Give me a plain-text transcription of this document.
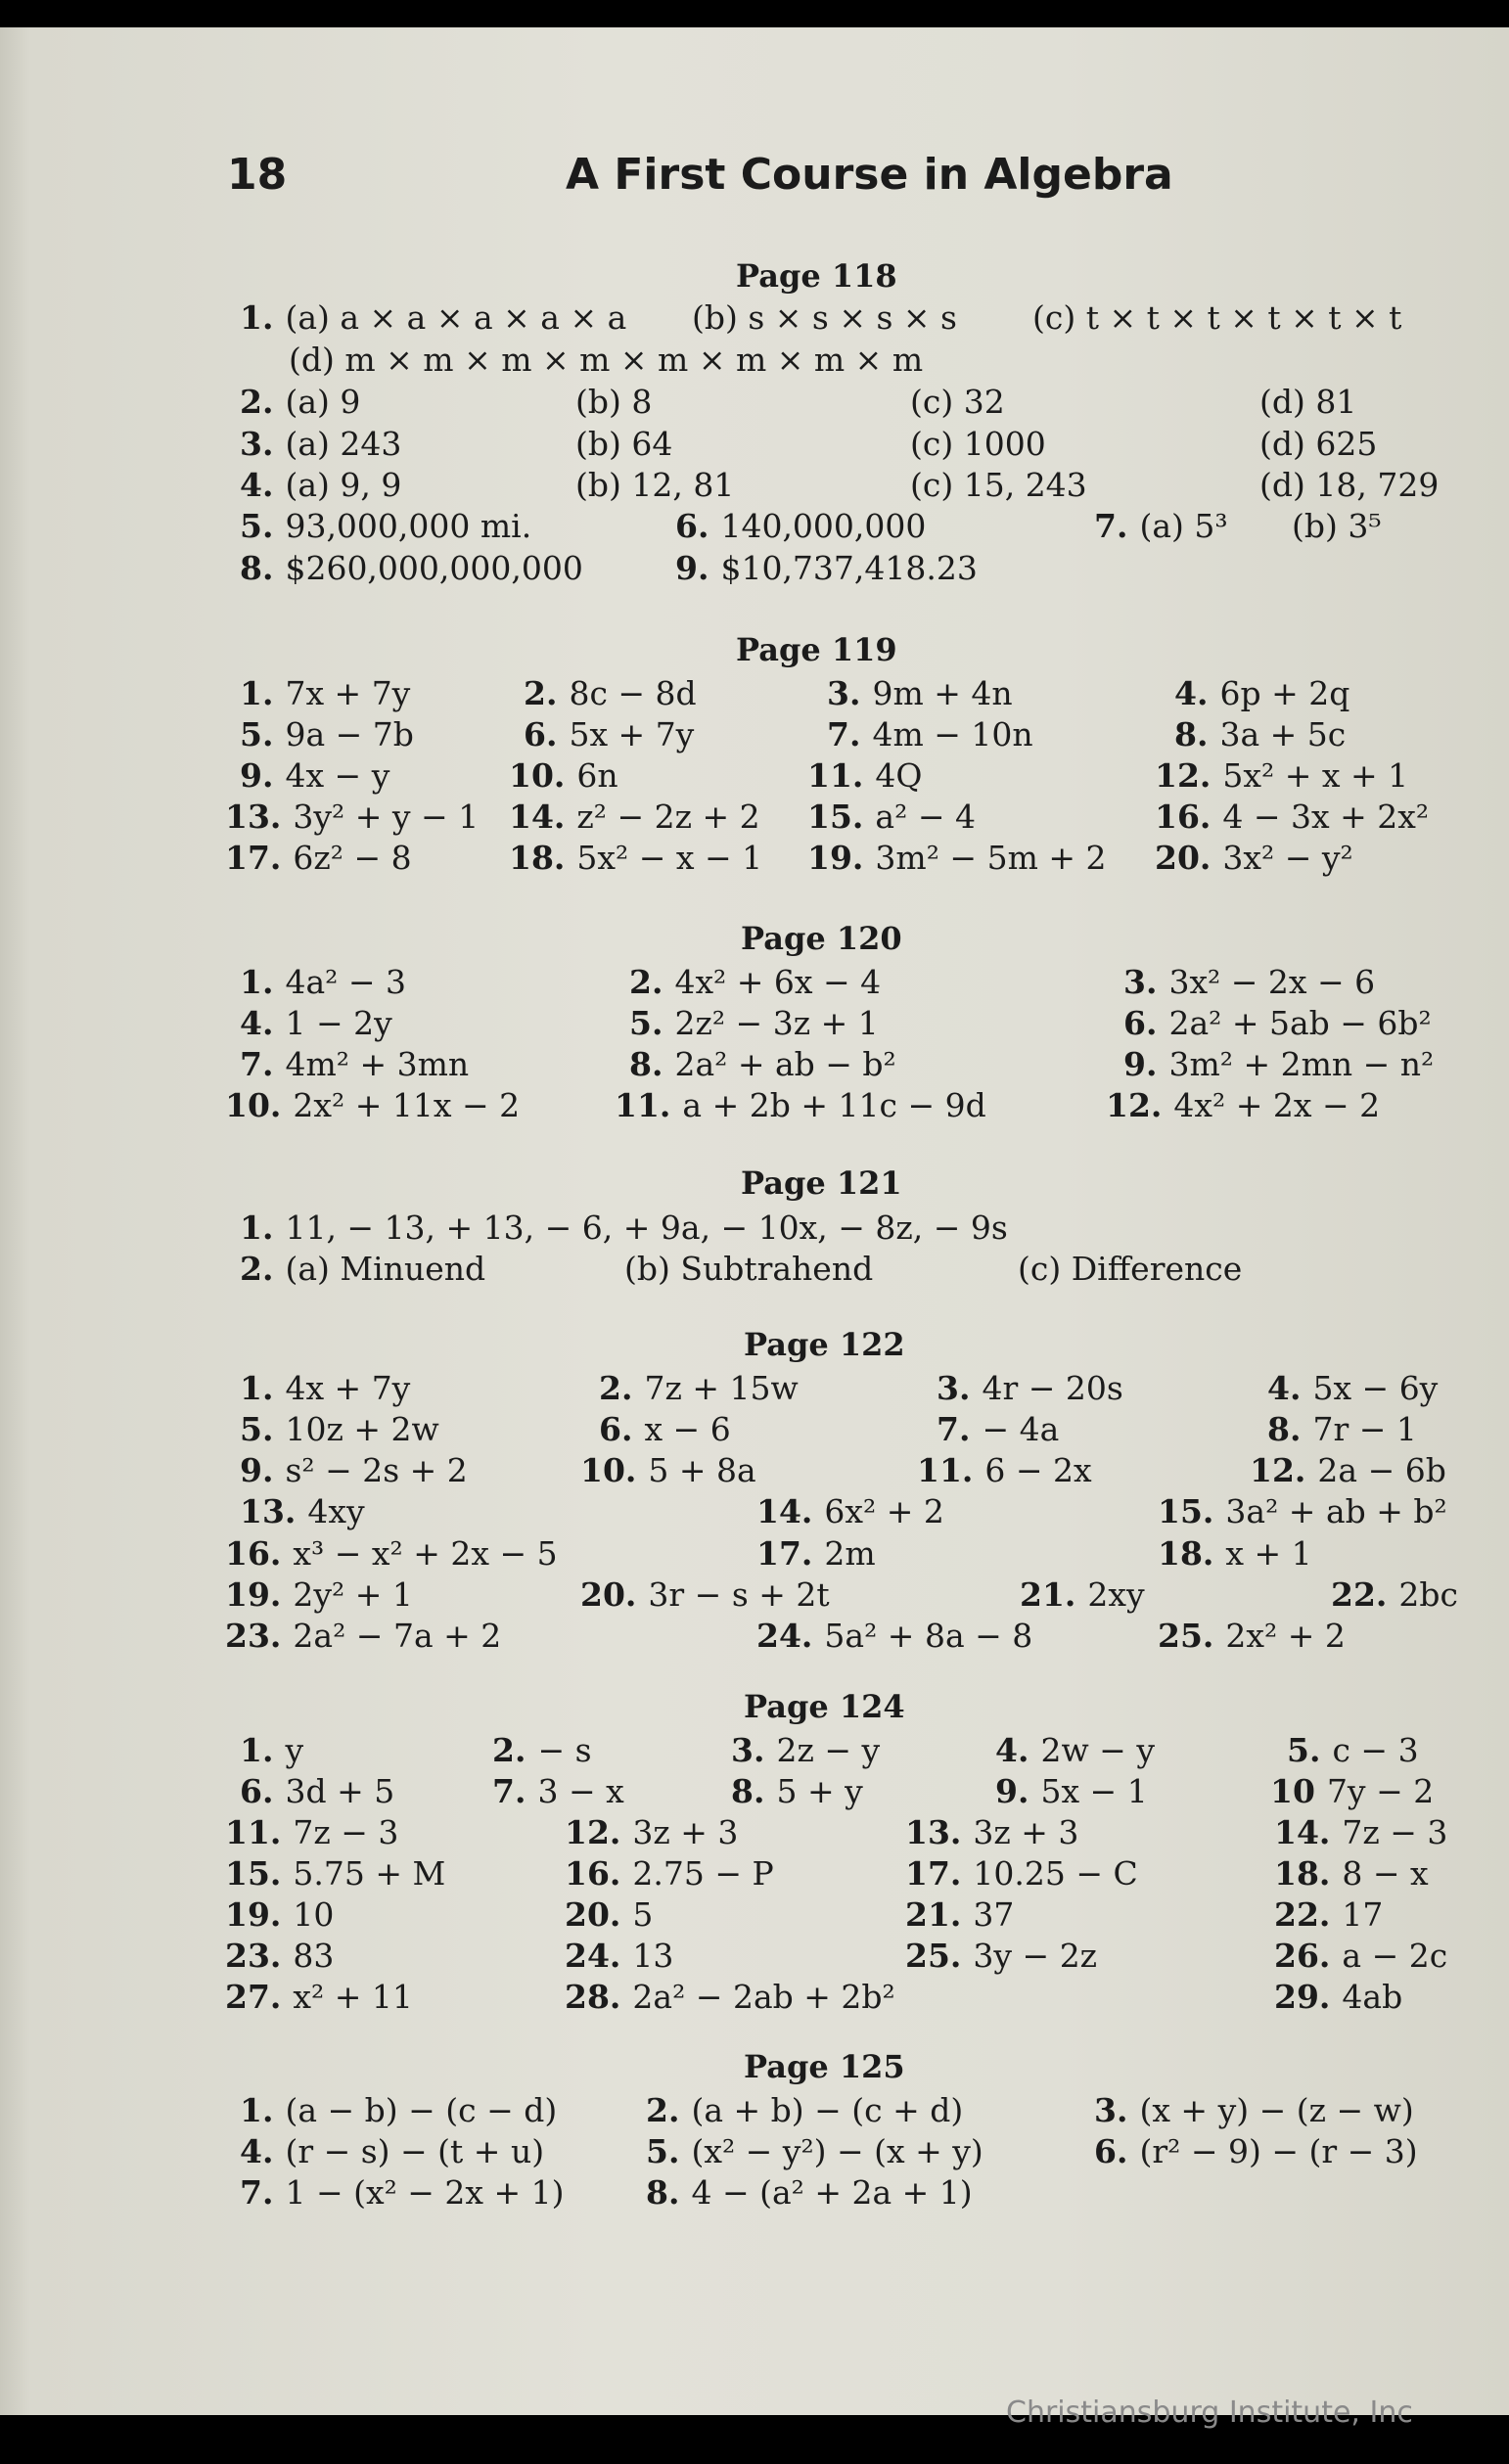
18	A First Course in Algebra
Page 118
1. (a) a × a × a × a × a (b) s × s × s × s (c) t × t × t × t × t × t
(d) m × m × m × m × m × m × m × m
2. (a) 9	(b) 8	(c) 32	(d) 81
3. (a) 243	(b) 64	(c) 1000	(d) 625
4. (a) 9, 9	(b) 12, 81	(c) 15, 243	(d) 18, 729
5. 93,000,000 mi.	6. 140,000,000	7. (a) 5³ (b) 3⁵
8. $260,000,000,000	9. $10,737,418.23
Page 119
1. 7x + 7y	2. 8c − 8d	3. 9m + 4n	4. 6p + 2q
5. 9a − 7b	6. 5x + 7y	7. 4m − 10n	8. 3a + 5c
9. 4x − y	10. 6n	11. 4Q	12. 5x² + x + 1
13. 3y² + y − 1 14. z² − 2z + 2 15. a² − 4	16. 4 − 3x + 2x²
17. 6z² − 8	18. 5x² − x − 1 19. 3m² − 5m + 2 20. 3x² − y²
Page 120
1. 4a² − 3	2. 4x² + 6x − 4	3. 3x² − 2x − 6
4. 1 − 2y	5. 2z² − 3z + 1	6. 2a² + 5ab − 6b²
7. 4m² + 3mn	8. 2a² + ab − b²	9. 3m² + 2mn − n²
10. 2x² + 11x − 2	11. a + 2b + 11c − 9d	12. 4x² + 2x − 2
Page 121
1. 11, − 13, + 13, − 6, + 9a, − 10x, − 8z, − 9s
2. (a) Minuend	(b) Subtrahend	(c) Difference
Page 122
1. 4x + 7y	2. 7z + 15w	3. 4r − 20s	4. 5x − 6y
5. 10z + 2w	6. x − 6	7. − 4a	8. 7r − 1
9. s² − 2s + 2	10. 5 + 8a	11. 6 − 2x	12. 2a − 6b
13. 4xy	14. 6x² + 2	15. 3a² + ab + b²
16. x³ − x² + 2x − 5	17. 2m	18. x + 1
19. 2y² + 1	20. 3r − s + 2t	21. 2xy	22. 2bc
23. 2a² − 7a + 2	24. 5a² + 8a − 8	25. 2x² + 2
Page 124
1. y	2. − s	3. 2z − y	4. 2w − y	5. c − 3
6. 3d + 5	7. 3 − x	8. 5 + y	9. 5x − 1	10 7y − 2
11. 7z − 3	12. 3z + 3	13. 3z + 3	14. 7z − 3
15. 5.75 + M	16. 2.75 − P	17. 10.25 − C	18. 8 − x
19. 10	20. 5	21. 37	22. 17
23. 83	24. 13	25. 3y − 2z	26. a − 2c
27. x² + 11	28. 2a² − 2ab + 2b²	29. 4ab
Page 125
1. (a − b) − (c − d)	2. (a + b) − (c + d)	3. (x + y) − (z − w)
4. (r − s) − (t + u)	5. (x² − y²) − (x + y)	6. (r² − 9) − (r − 3)
7. 1 − (x² − 2x + 1)	8. 4 − (a² + 2a + 1)
Christiansburg Institute, Inc
